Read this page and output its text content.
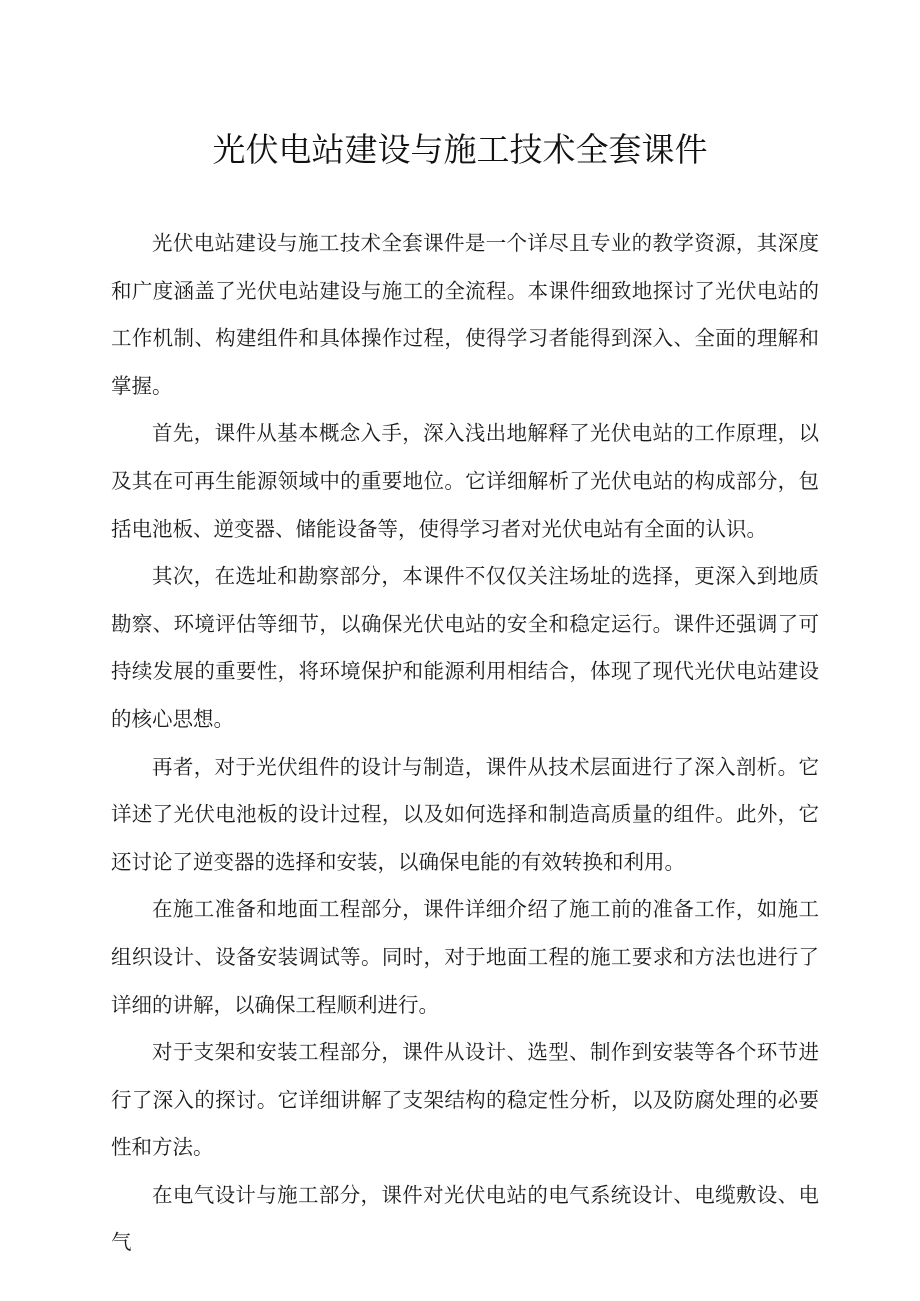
光伏电站建设与施工技术全套课件

光伏电站建设与施工技术全套课件是一个详尽且专业的教学资源，其深度和广度涵盖了光伏电站建设与施工的全流程。本课件细致地探讨了光伏电站的工作机制、构建组件和具体操作过程，使得学习者能得到深入、全面的理解和掌握。

首先，课件从基本概念入手，深入浅出地解释了光伏电站的工作原理，以及其在可再生能源领域中的重要地位。它详细解析了光伏电站的构成部分，包括电池板、逆变器、储能设备等，使得学习者对光伏电站有全面的认识。

其次，在选址和勘察部分，本课件不仅仅关注场址的选择，更深入到地质勘察、环境评估等细节，以确保光伏电站的安全和稳定运行。课件还强调了可持续发展的重要性，将环境保护和能源利用相结合，体现了现代光伏电站建设的核心思想。

再者，对于光伏组件的设计与制造，课件从技术层面进行了深入剖析。它详述了光伏电池板的设计过程，以及如何选择和制造高质量的组件。此外，它还讨论了逆变器的选择和安装，以确保电能的有效转换和利用。

在施工准备和地面工程部分，课件详细介绍了施工前的准备工作，如施工组织设计、设备安装调试等。同时，对于地面工程的施工要求和方法也进行了详细的讲解，以确保工程顺利进行。

对于支架和安装工程部分，课件从设计、选型、制作到安装等各个环节进行了深入的探讨。它详细讲解了支架结构的稳定性分析，以及防腐处理的必要性和方法。

在电气设计与施工部分，课件对光伏电站的电气系统设计、电缆敷设、电气
